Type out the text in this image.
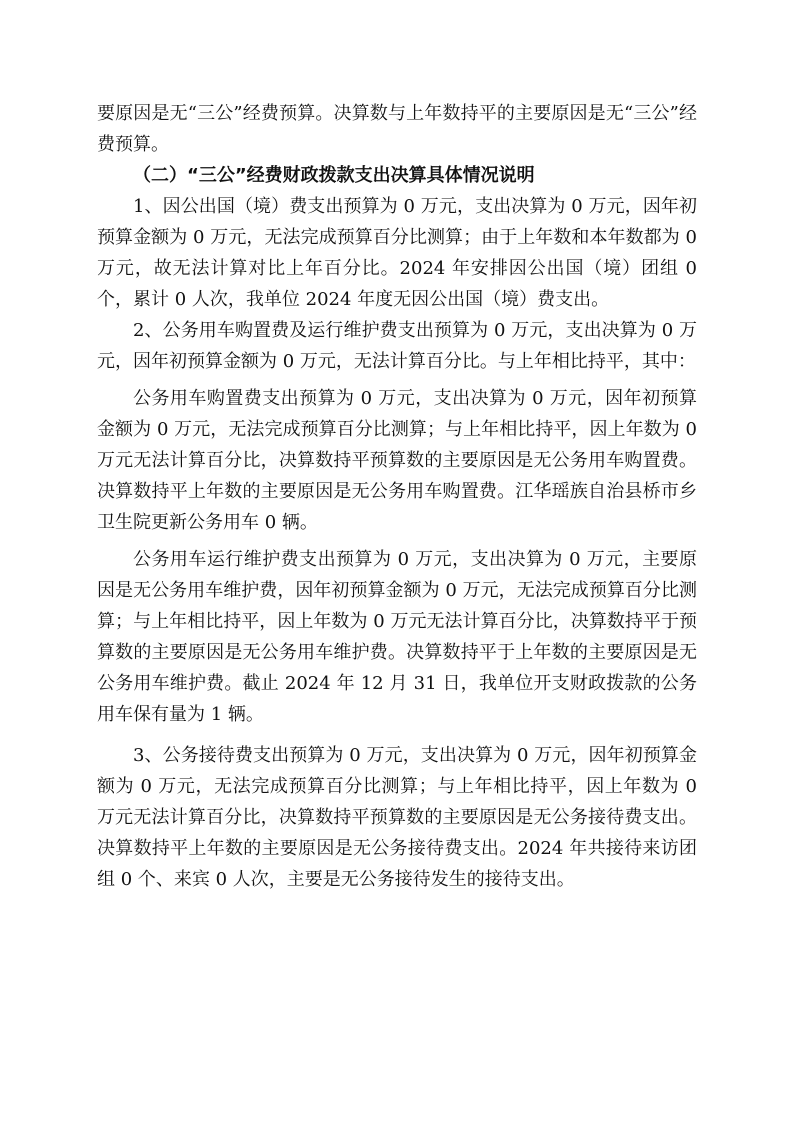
要原因是无“三公”经费预算。决算数与上年数持平的主要原因是无“三公”经费预算。

（二）“三公”经费财政拨款支出决算具体情况说明

1、因公出国（境）费支出预算为 0 万元，支出决算为 0 万元，因年初预算金额为 0 万元，无法完成预算百分比测算；由于上年数和本年数都为 0 万元，故无法计算对比上年百分比。2024 年安排因公出国（境）团组 0 个，累计 0 人次，我单位 2024 年度无因公出国（境）费支出。

2、公务用车购置费及运行维护费支出预算为 0 万元，支出决算为 0 万元，因年初预算金额为 0 万元，无法计算百分比。与上年相比持平，其中：

公务用车购置费支出预算为 0 万元，支出决算为 0 万元，因年初预算金额为 0 万元，无法完成预算百分比测算；与上年相比持平，因上年数为 0 万元无法计算百分比，决算数持平预算数的主要原因是无公务用车购置费。决算数持平上年数的主要原因是无公务用车购置费。江华瑶族自治县桥市乡卫生院更新公务用车 0 辆。

公务用车运行维护费支出预算为 0 万元，支出决算为 0 万元，主要原因是无公务用车维护费，因年初预算金额为 0 万元，无法完成预算百分比测算；与上年相比持平，因上年数为 0 万元无法计算百分比，决算数持平于预算数的主要原因是无公务用车维护费。决算数持平于上年数的主要原因是无公务用车维护费。截止 2024 年 12 月 31 日，我单位开支财政拨款的公务用车保有量为 1 辆。

3、公务接待费支出预算为 0 万元，支出决算为 0 万元，因年初预算金额为 0 万元，无法完成预算百分比测算；与上年相比持平，因上年数为 0 万元无法计算百分比，决算数持平预算数的主要原因是无公务接待费支出。决算数持平上年数的主要原因是无公务接待费支出。2024 年共接待来访团组 0 个、来宾 0 人次，主要是无公务接待发生的接待支出。
